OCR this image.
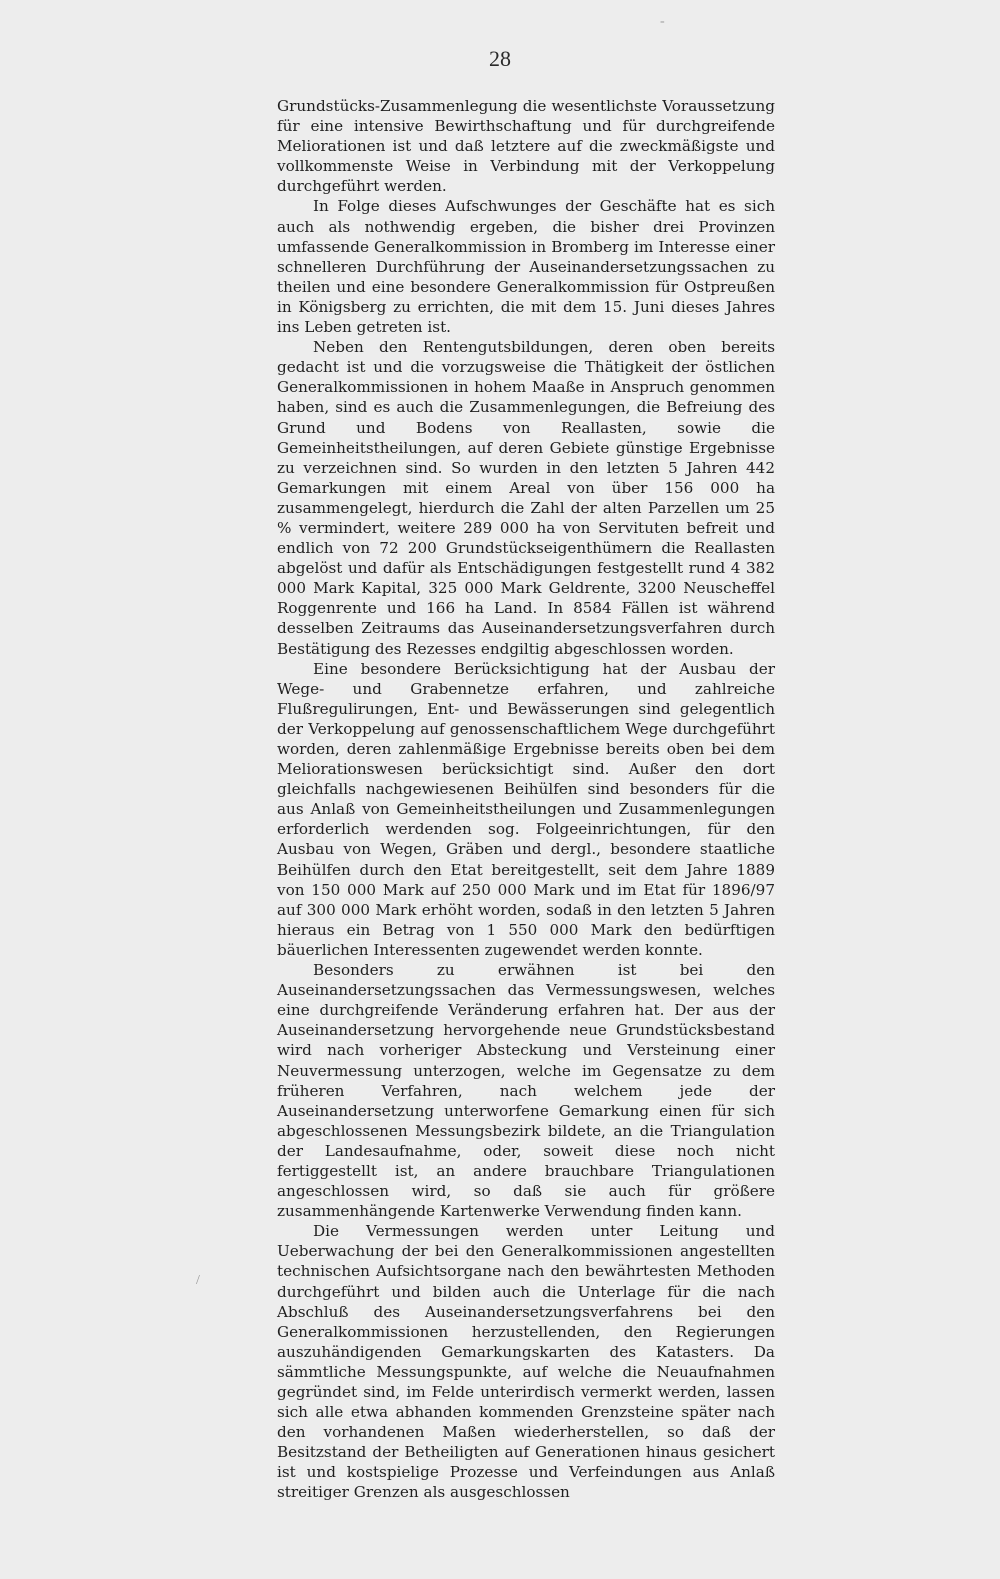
28

Grundstücks-Zusammenlegung die wesentlichste Voraussetzung für eine intensive Bewirthschaftung und für durchgreifende Meliorationen ist und daß letztere auf die zweckmäßigste und vollkommenste Weise in Verbindung mit der Verkoppelung durchgeführt werden.

In Folge dieses Aufschwunges der Geschäfte hat es sich auch als nothwendig ergeben, die bisher drei Provinzen umfassende Generalkommission in Bromberg im Interesse einer schnelleren Durchführung der Auseinandersetzungssachen zu theilen und eine besondere Generalkommission für Ostpreußen in Königsberg zu errichten, die mit dem 15. Juni dieses Jahres ins Leben getreten ist.

Neben den Rentengutsbildungen, deren oben bereits gedacht ist und die vorzugsweise die Thätigkeit der östlichen Generalkommissionen in hohem Maaße in Anspruch genommen haben, sind es auch die Zusammenlegungen, die Befreiung des Grund und Bodens von Reallasten, sowie die Gemeinheitstheilungen, auf deren Gebiete günstige Ergebnisse zu verzeichnen sind. So wurden in den letzten 5 Jahren 442 Gemarkungen mit einem Areal von über 156 000 ha zusammengelegt, hierdurch die Zahl der alten Parzellen um 25 % vermindert, weitere 289 000 ha von Servituten befreit und endlich von 72 200 Grundstückseigenthümern die Reallasten abgelöst und dafür als Entschädigungen festgestellt rund 4 382 000 Mark Kapital, 325 000 Mark Geldrente, 3200 Neuscheffel Roggenrente und 166 ha Land. In 8584 Fällen ist während desselben Zeitraums das Auseinandersetzungsverfahren durch Bestätigung des Rezesses endgiltig abgeschlossen worden.

Eine besondere Berücksichtigung hat der Ausbau der Wege- und Grabennetze erfahren, und zahlreiche Flußregulirungen, Ent- und Bewässerungen sind gelegentlich der Verkoppelung auf genossenschaftlichem Wege durchgeführt worden, deren zahlenmäßige Ergebnisse bereits oben bei dem Meliorationswesen berücksichtigt sind. Außer den dort gleichfalls nachgewiesenen Beihülfen sind besonders für die aus Anlaß von Gemeinheitstheilungen und Zusammenlegungen erforderlich werdenden sog. Folgeeinrichtungen, für den Ausbau von Wegen, Gräben und dergl., besondere staatliche Beihülfen durch den Etat bereitgestellt, seit dem Jahre 1889 von 150 000 Mark auf 250 000 Mark und im Etat für 1896/97 auf 300 000 Mark erhöht worden, sodaß in den letzten 5 Jahren hieraus ein Betrag von 1 550 000 Mark den bedürftigen bäuerlichen Interessenten zugewendet werden konnte.

Besonders zu erwähnen ist bei den Auseinandersetzungssachen das Vermessungswesen, welches eine durchgreifende Veränderung erfahren hat. Der aus der Auseinandersetzung hervorgehende neue Grundstücksbestand wird nach vorheriger Absteckung und Versteinung einer Neuvermessung unterzogen, welche im Gegensatze zu dem früheren Verfahren, nach welchem jede der Auseinandersetzung unterworfene Gemarkung einen für sich abgeschlossenen Messungsbezirk bildete, an die Triangulation der Landesaufnahme, oder, soweit diese noch nicht fertiggestellt ist, an andere brauchbare Triangulationen angeschlossen wird, so daß sie auch für größere zusammenhängende Kartenwerke Verwendung finden kann.

Die Vermessungen werden unter Leitung und Ueberwachung der bei den Generalkommissionen angestellten technischen Aufsichtsorgane nach den bewährtesten Methoden durchgeführt und bilden auch die Unterlage für die nach Abschluß des Auseinandersetzungsverfahrens bei den Generalkommissionen herzustellenden, den Regierungen auszuhändigenden Gemarkungskarten des Katasters. Da sämmtliche Messungspunkte, auf welche die Neuaufnahmen gegründet sind, im Felde unterirdisch vermerkt werden, lassen sich alle etwa abhanden kommenden Grenzsteine später nach den vorhandenen Maßen wiederherstellen, so daß der Besitzstand der Betheiligten auf Generationen hinaus gesichert ist und kostspielige Prozesse und Verfeindungen aus Anlaß streitiger Grenzen als ausgeschlossen

/
-
